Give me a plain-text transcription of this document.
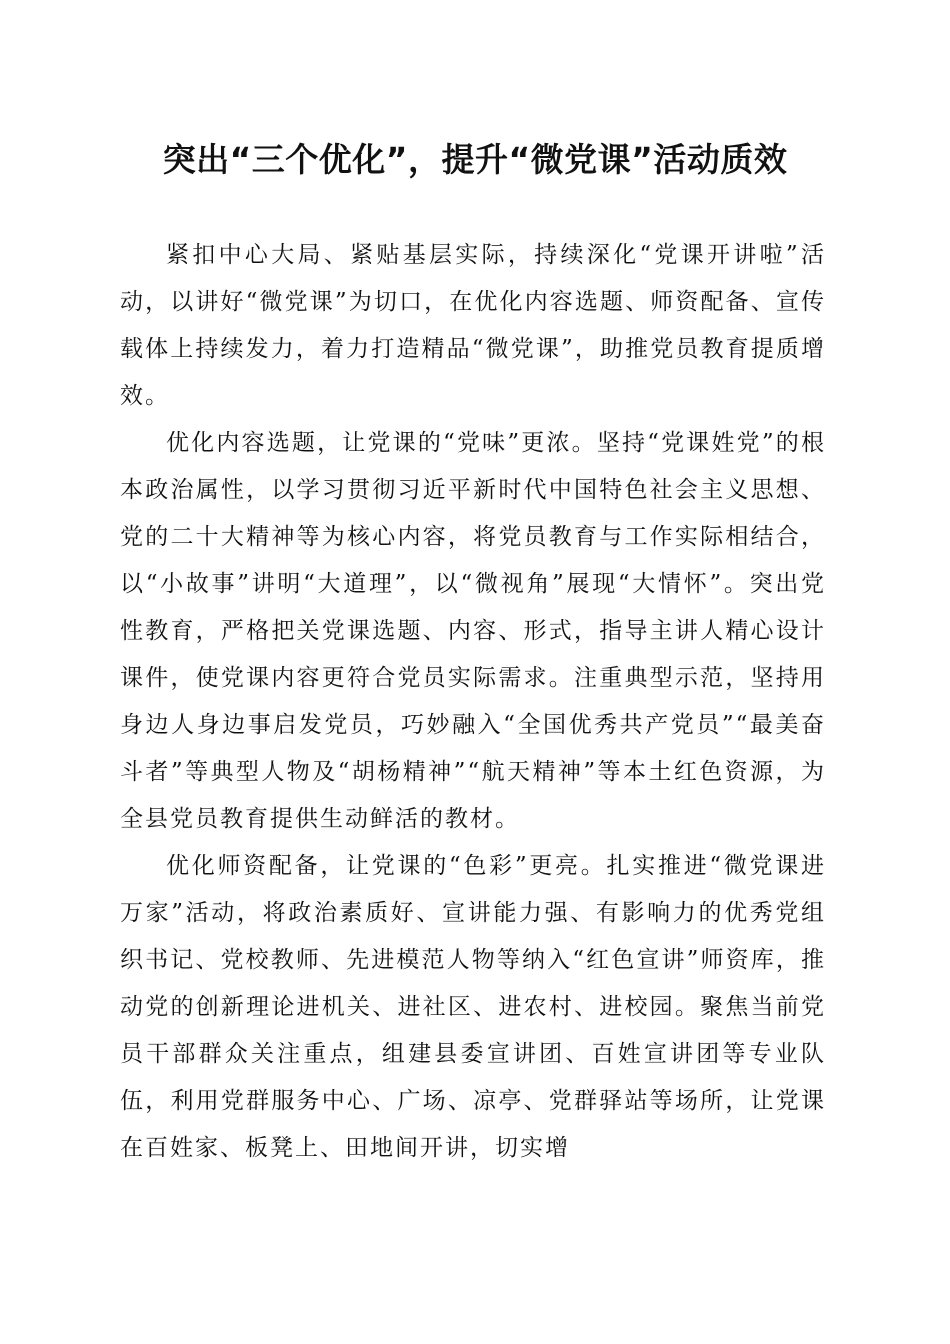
突出“三个优化”，提升“微党课”活动质效

紧扣中心大局、紧贴基层实际，持续深化“党课开讲啦”活动，以讲好“微党课”为切口，在优化内容选题、师资配备、宣传载体上持续发力，着力打造精品“微党课”，助推党员教育提质增效。

优化内容选题，让党课的“党味”更浓。坚持“党课姓党”的根本政治属性，以学习贯彻习近平新时代中国特色社会主义思想、党的二十大精神等为核心内容，将党员教育与工作实际相结合，以“小故事”讲明“大道理”，以“微视角”展现“大情怀”。突出党性教育，严格把关党课选题、内容、形式，指导主讲人精心设计课件，使党课内容更符合党员实际需求。注重典型示范，坚持用身边人身边事启发党员，巧妙融入“全国优秀共产党员”“最美奋斗者”等典型人物及“胡杨精神”“航天精神”等本土红色资源，为全县党员教育提供生动鲜活的教材。

优化师资配备，让党课的“色彩”更亮。扎实推进“微党课进万家”活动，将政治素质好、宣讲能力强、有影响力的优秀党组织书记、党校教师、先进模范人物等纳入“红色宣讲”师资库，推动党的创新理论进机关、进社区、进农村、进校园。聚焦当前党员干部群众关注重点，组建县委宣讲团、百姓宣讲团等专业队伍，利用党群服务中心、广场、凉亭、党群驿站等场所，让党课在百姓家、板凳上、田地间开讲，切实增
